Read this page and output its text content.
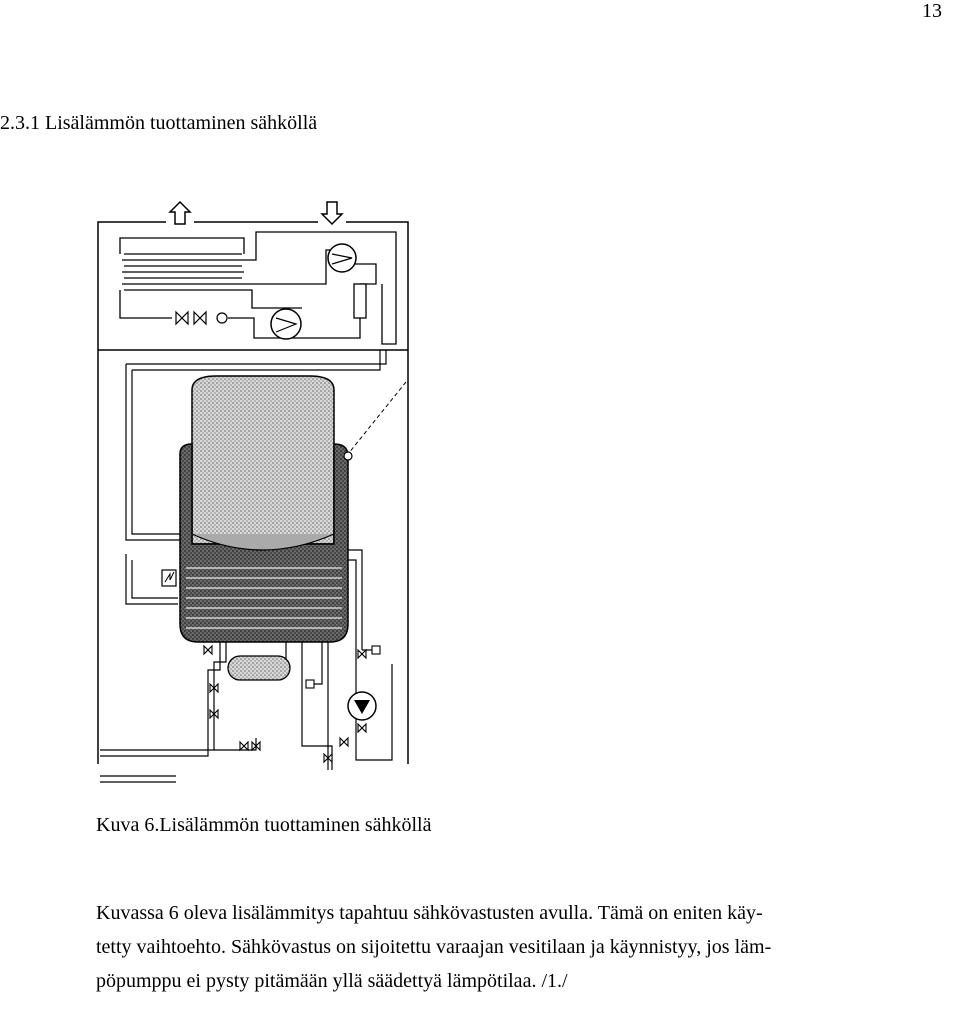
13
2.3.1 Lisälämmön tuottaminen sähköllä
Kuva 6.Lisälämmön tuottaminen sähköllä

Kuvassa 6 oleva lisälämmitys tapahtuu sähkövastusten avulla. Tämä on eniten käy-
tetty vaihtoehto. Sähkövastus on sijoitettu varaajan vesitilaan ja käynnistyy, jos läm-
pöpumppu ei pysty pitämään yllä säädettyä lämpötilaa. /1./
